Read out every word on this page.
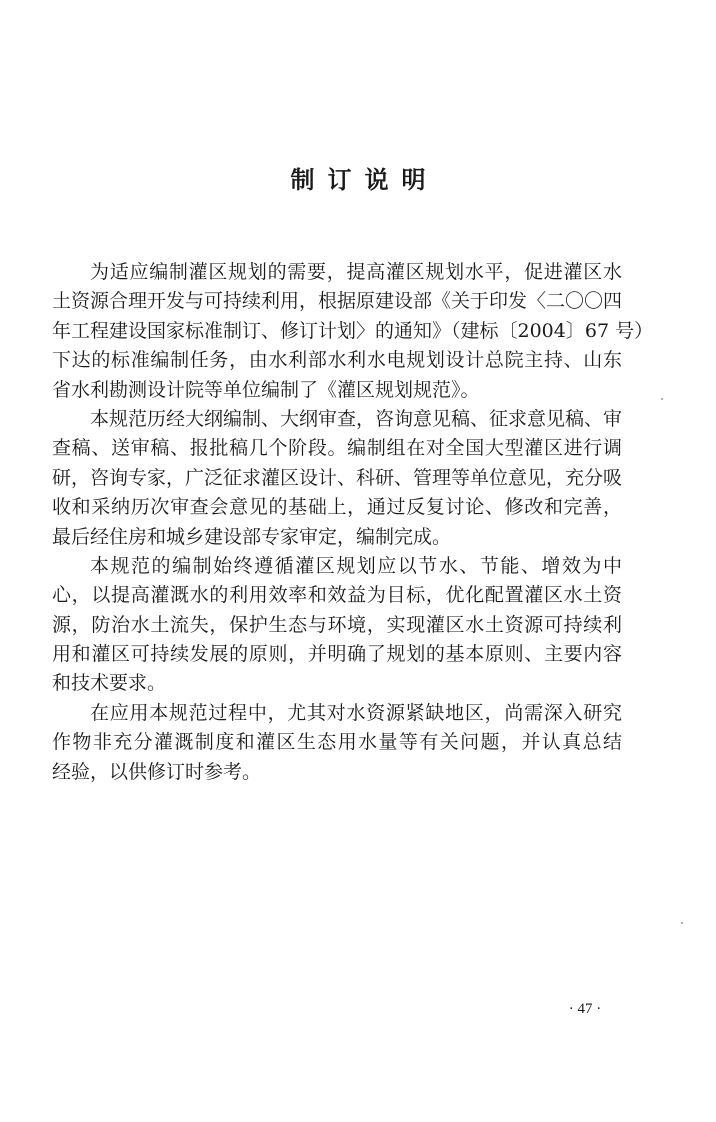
制订说明
为适应编制灌区规划的需要，提高灌区规划水平，促进灌区水
土资源合理开发与可持续利用，根据原建设部《关于印发〈二〇〇四
年工程建设国家标准制订、修订计划〉的通知》（建标〔2004〕67 号）
下达的标准编制任务，由水利部水利水电规划设计总院主持、山东
省水利勘测设计院等单位编制了《灌区规划规范》。
本规范历经大纲编制、大纲审查，咨询意见稿、征求意见稿、审
查稿、送审稿、报批稿几个阶段。编制组在对全国大型灌区进行调
研，咨询专家，广泛征求灌区设计、科研、管理等单位意见，充分吸
收和采纳历次审查会意见的基础上，通过反复讨论、修改和完善，
最后经住房和城乡建设部专家审定，编制完成。
本规范的编制始终遵循灌区规划应以节水、节能、增效为中
心，以提高灌溉水的利用效率和效益为目标，优化配置灌区水土资
源，防治水土流失，保护生态与环境，实现灌区水土资源可持续利
用和灌区可持续发展的原则，并明确了规划的基本原则、主要内容
和技术要求。
在应用本规范过程中，尤其对水资源紧缺地区，尚需深入研究
作物非充分灌溉制度和灌区生态用水量等有关问题，并认真总结
经验，以供修订时参考。
· 47 ·
